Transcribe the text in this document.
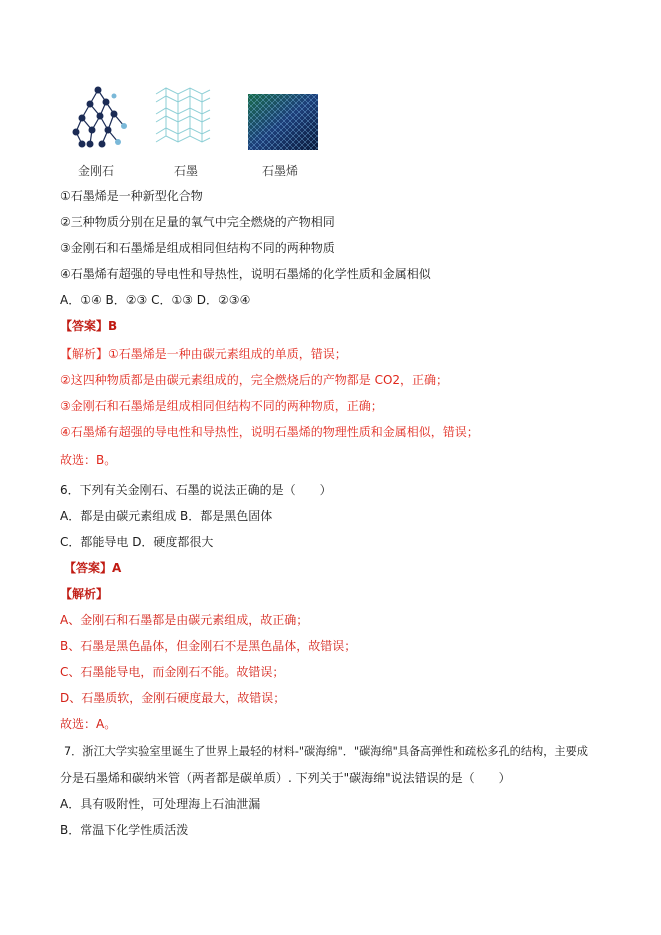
金刚石	石墨	石墨烯
①石墨烯是一种新型化合物
②三种物质分别在足量的氧气中完全燃烧的产物相同
③金刚石和石墨烯是组成相同但结构不同的两种物质
④石墨烯有超强的导电性和导热性，说明石墨烯的化学性质和金属相似
A．①④ B．②③ C．①③ D．②③④
【答案】B
【解析】①石墨烯是一种由碳元素组成的单质，错误；
②这四种物质都是由碳元素组成的，完全燃烧后的产物都是 CO2，正确；
③金刚石和石墨烯是组成相同但结构不同的两种物质，正确；
④石墨烯有超强的导电性和导热性，说明石墨烯的物理性质和金属相似，错误；
故选：B。
6．下列有关金刚石、石墨的说法正确的是（　　）
A．都是由碳元素组成 B．都是黑色固体
C．都能导电 D．硬度都很大
【答案】A
【解析】
A、金刚石和石墨都是由碳元素组成，故正确；
B、石墨是黑色晶体，但金刚石不是黑色晶体，故错误；
C、石墨能导电，而金刚石不能。故错误；
D、石墨质软，金刚石硬度最大，故错误；
故选：A。
7．浙江大学实验室里诞生了世界上最轻的材料-"碳海绵"．"碳海绵"具备高弹性和疏松多孔的结构，主要成
分是石墨烯和碳纳米管（两者都是碳单质）. 下列关于"碳海绵"说法错误的是（　　）
A．具有吸附性，可处理海上石油泄漏
B．常温下化学性质活泼
